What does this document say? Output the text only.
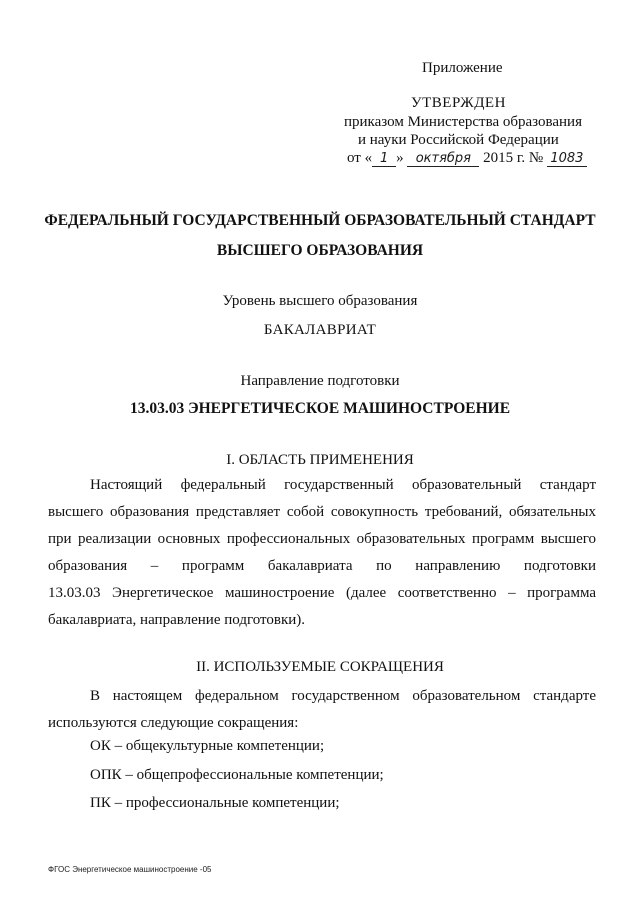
Приложение
УТВЕРЖДЕН
приказом Министерства образования
и науки Российской Федерации
от « 1 » октября 2015 г. № 1083
ФЕДЕРАЛЬНЫЙ ГОСУДАРСТВЕННЫЙ ОБРАЗОВАТЕЛЬНЫЙ СТАНДАРТ
ВЫСШЕГО ОБРАЗОВАНИЯ
Уровень высшего образования
БАКАЛАВРИАТ
Направление подготовки
13.03.03 ЭНЕРГЕТИЧЕСКОЕ МАШИНОСТРОЕНИЕ
I. ОБЛАСТЬ ПРИМЕНЕНИЯ
Настоящий федеральный государственный образовательный стандарт
высшего образования представляет собой совокупность требований, обязательных
при реализации основных профессиональных образовательных программ высшего
образования – программ бакалавриата по направлению подготовки
13.03.03 Энергетическое машиностроение (далее соответственно – программа
бакалавриата, направление подготовки).
II. ИСПОЛЬЗУЕМЫЕ СОКРАЩЕНИЯ
В настоящем федеральном государственном образовательном стандарте
используются следующие сокращения:
ОК – общекультурные компетенции;
ОПК – общепрофессиональные компетенции;
ПК – профессиональные компетенции;
ФГОС Энергетическое машиностроение -05
